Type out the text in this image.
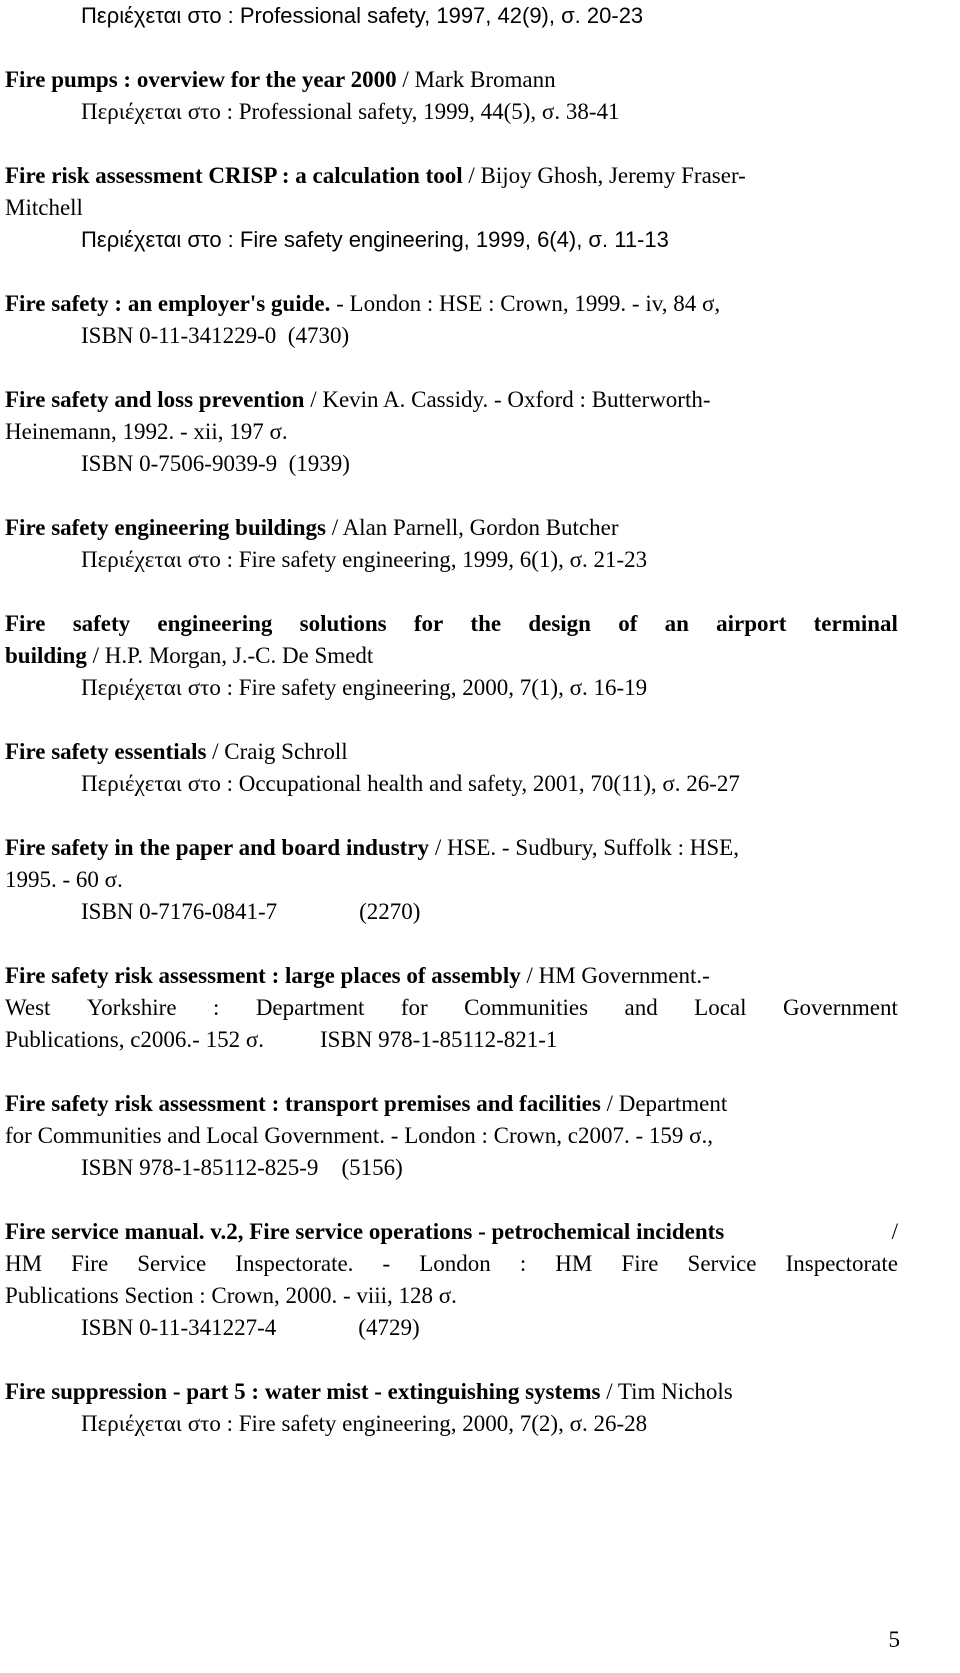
Περιέχεται στο : Professional safety, 1997, 42(9), σ. 20-23
Fire pumps : overview for the year 2000 / Mark Bromann
Περιέχεται στο : Professional safety, 1999, 44(5), σ. 38-41
Fire risk assessment CRISP : a calculation tool / Bijoy Ghosh, Jeremy Fraser-
Mitchell
Περιέχεται στο : Fire safety engineering, 1999, 6(4), σ. 11-13
Fire safety : an employer's guide. - London : HSE : Crown, 1999. - iv, 84 σ,
ISBN 0-11-341229-0 (4730)
Fire safety and loss prevention / Kevin A. Cassidy. - Oxford : Butterworth-
Heinemann, 1992. - xii, 197 σ.
ISBN 0-7506-9039-9 (1939)
Fire safety engineering buildings / Alan Parnell, Gordon Butcher
Περιέχεται στο : Fire safety engineering, 1999, 6(1), σ. 21-23
Fire safety engineering solutions for the design of an airport terminal
building / H.P. Morgan, J.-C. De Smedt
Περιέχεται στο : Fire safety engineering, 2000, 7(1), σ. 16-19
Fire safety essentials / Craig Schroll
Περιέχεται στο : Occupational health and safety, 2001, 70(11), σ. 26-27
Fire safety in the paper and board industry / HSE. - Sudbury, Suffolk : HSE,
1995. - 60 σ.
ISBN 0-7176-0841-7	(2270)
Fire safety risk assessment : large places of assembly / HM Government.-
West Yorkshire : Department for Communities and Local Government
Publications, c2006.- 152 σ. ISBN 978-1-85112-821-1
Fire safety risk assessment : transport premises and facilities / Department
for Communities and Local Government. - London : Crown, c2007. - 159 σ.,
ISBN 978-1-85112-825-9 (5156)
Fire service manual. v.2, Fire service operations - petrochemical incidents	/
HM Fire Service Inspectorate. - London : HM Fire Service Inspectorate
Publications Section : Crown, 2000. - viii, 128 σ.
ISBN 0-11-341227-4	(4729)
Fire suppression - part 5 : water mist - extinguishing systems / Tim Nichols
Περιέχεται στο : Fire safety engineering, 2000, 7(2), σ. 26-28
5
